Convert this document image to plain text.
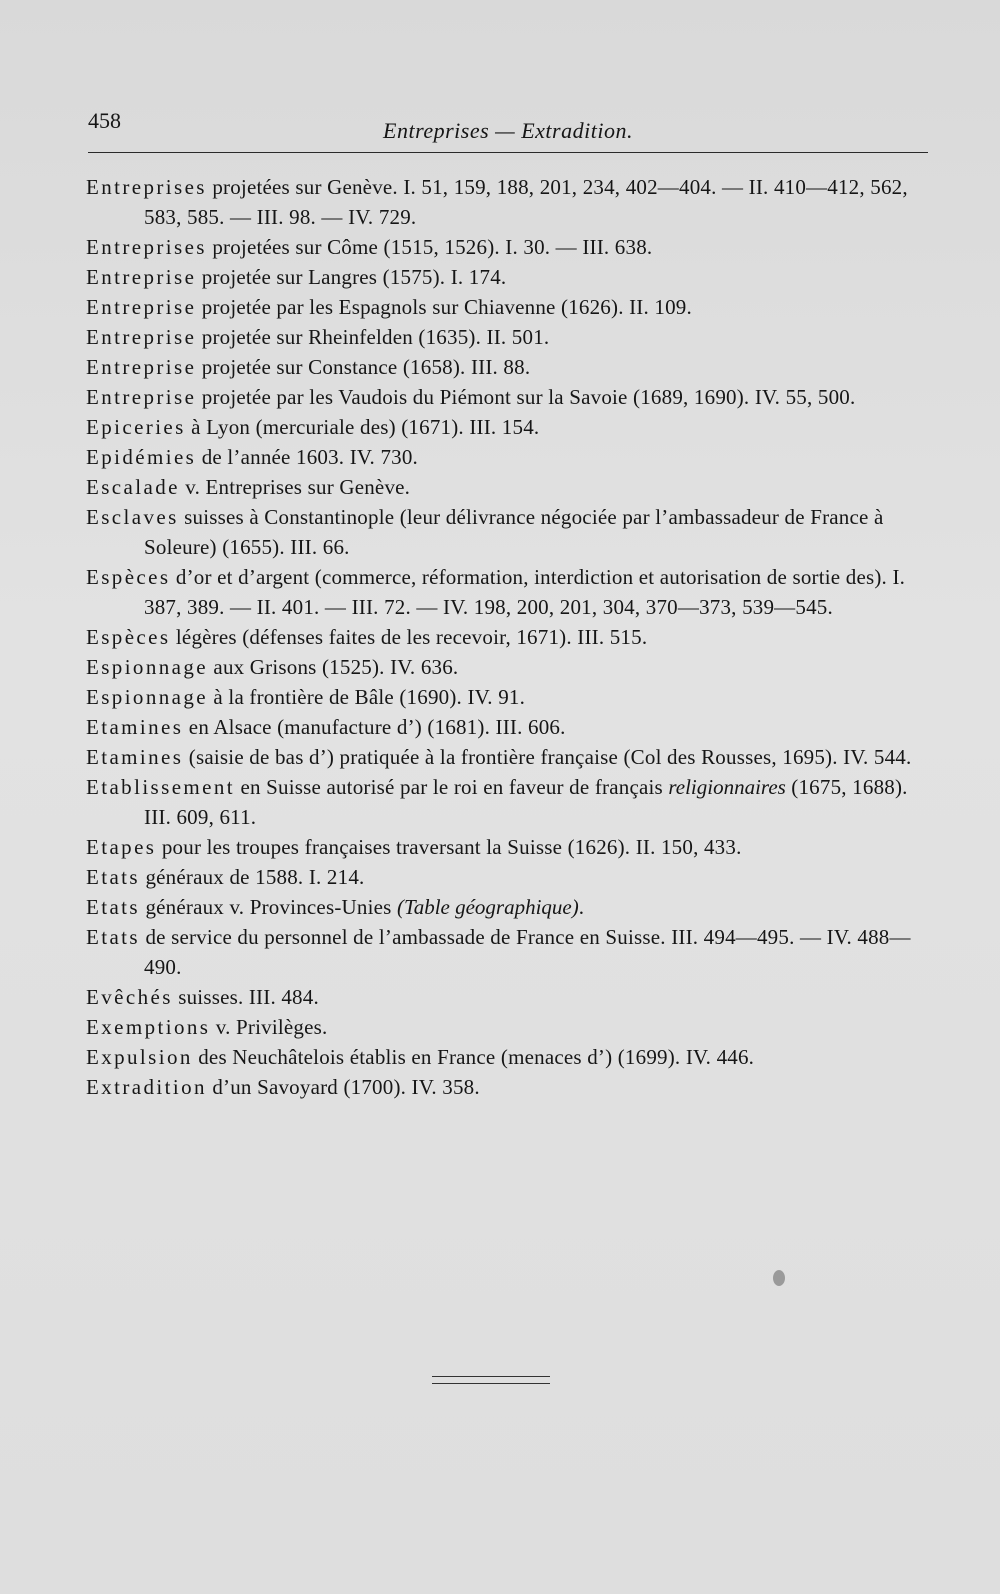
458	Entreprises — Extradition.

Entreprises projetées sur Genève. I. 51, 159, 188, 201, 234, 402—404. — II. 410—412, 562, 583, 585. — III. 98. — IV. 729.

Entreprises projetées sur Côme (1515, 1526). I. 30. — III. 638.

Entreprise projetée sur Langres (1575). I. 174.

Entreprise projetée par les Espagnols sur Chiavenne (1626). II. 109.

Entreprise projetée sur Rheinfelden (1635). II. 501.

Entreprise projetée sur Constance (1658). III. 88.

Entreprise projetée par les Vaudois du Piémont sur la Savoie (1689, 1690). IV. 55, 500.

Epiceries à Lyon (mercuriale des) (1671). III. 154.

Epidémies de l’année 1603. IV. 730.

Escalade v. Entreprises sur Genève.

Esclaves suisses à Constantinople (leur délivrance négociée par l’ambassadeur de France à Soleure) (1655). III. 66.

Espèces d’or et d’argent (commerce, réformation, interdiction et autorisation de sortie des). I. 387, 389. — II. 401. — III. 72. — IV. 198, 200, 201, 304, 370—373, 539—545.

Espèces légères (défenses faites de les recevoir, 1671). III. 515.

Espionnage aux Grisons (1525). IV. 636.

Espionnage à la frontière de Bâle (1690). IV. 91.

Etamines en Alsace (manufacture d’) (1681). III. 606.

Etamines (saisie de bas d’) pratiquée à la frontière française (Col des Rousses, 1695). IV. 544.

Etablissement en Suisse autorisé par le roi en faveur de français religionnaires (1675, 1688). III. 609, 611.

Etapes pour les troupes françaises traversant la Suisse (1626). II. 150, 433.

Etats généraux de 1588. I. 214.

Etats généraux v. Provinces-Unies (Table géographique).

Etats de service du personnel de l’ambassade de France en Suisse. III. 494—495. — IV. 488—490.

Evêchés suisses. III. 484.

Exemptions v. Privilèges.

Expulsion des Neuchâtelois établis en France (menaces d’) (1699). IV. 446.

Extradition d’un Savoyard (1700). IV. 358.
